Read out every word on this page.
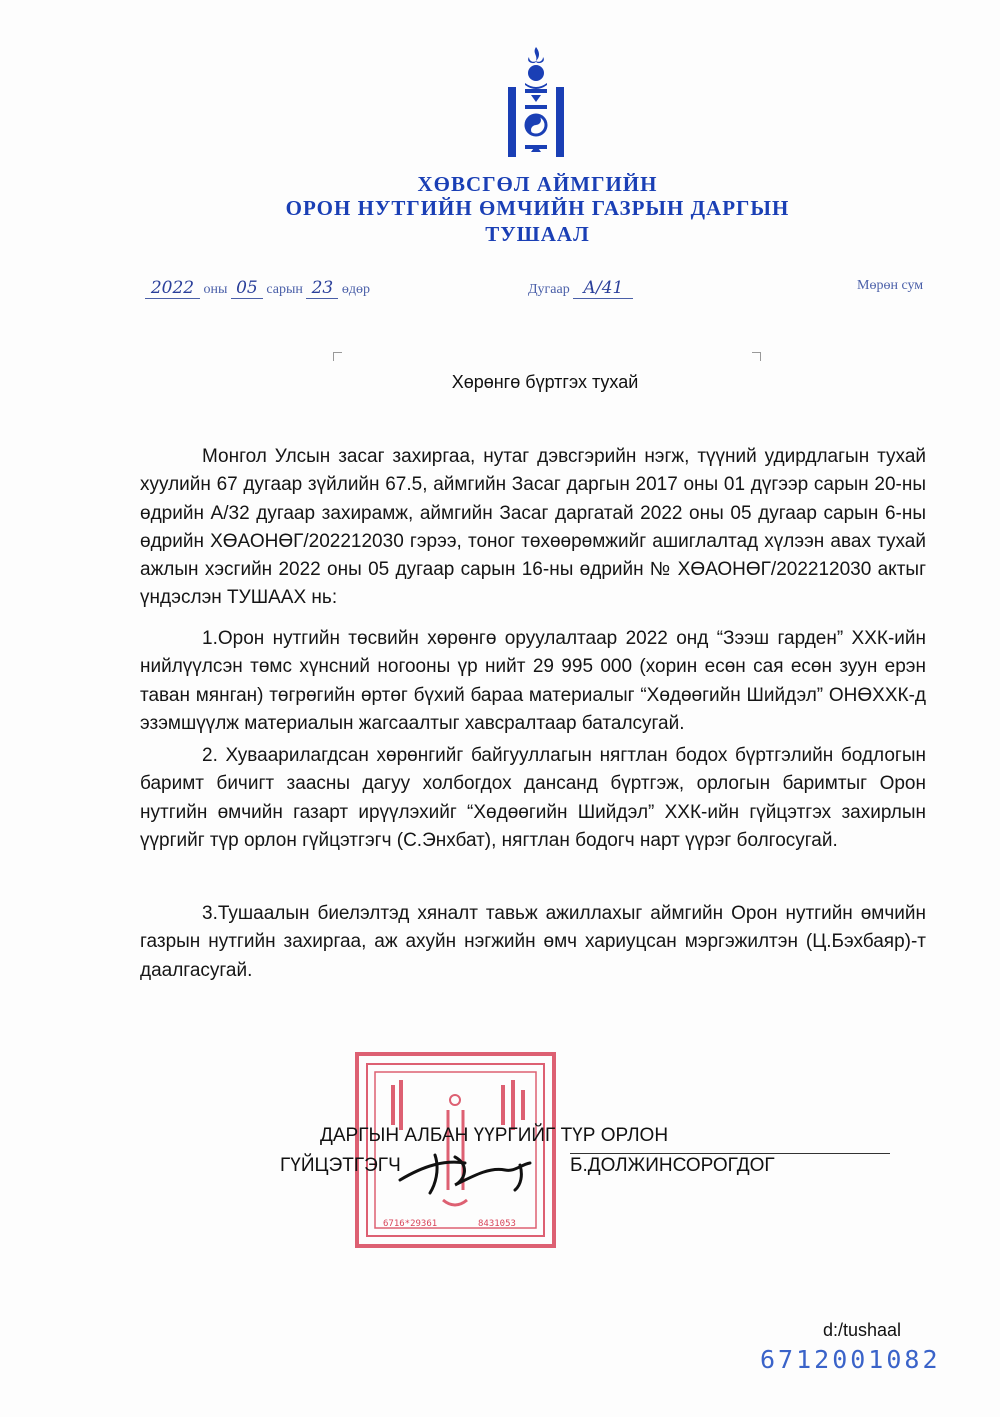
ХӨВСГӨЛ АЙМГИЙН
ОРОН НУТГИЙН ӨМЧИЙН ГАЗРЫН ДАРГЫН
ТУШААЛ
2022 оны 05 сарын 23 өдөр	Дугаар А/41	Мөрөн сум
Хөрөнгө бүртгэх тухай

Монгол Улсын засаг захиргаа, нутаг дэвсгэрийн нэгж, түүний удирдлагын тухай хуулийн 67 дугаар зүйлийн 67.5, аймгийн Засаг даргын 2017 оны 01 дүгээр сарын 20-ны өдрийн А/32 дугаар захирамж, аймгийн Засаг даргатай 2022 оны 05 дугаар сарын 6-ны өдрийн ХӨАОНӨГ/202212030 гэрээ, тоног төхөөрөмжийг ашиглалтад хүлээн авах тухай ажлын хэсгийн 2022 оны 05 дугаар сарын 16-ны өдрийн № ХӨАОНӨГ/202212030 актыг үндэслэн ТУШААХ нь:

1.Орон нутгийн төсвийн хөрөнгө оруулалтаар 2022 онд “Зээш гарден” ХХК-ийн нийлүүлсэн төмс хүнсний ногооны үр нийт 29 995 000 (хорин есөн сая есөн зуун ерэн таван мянган) төгрөгийн өртөг бүхий бараа материалыг “Хөдөөгийн Шийдэл” ОНӨХХК-д эзэмшүүлж материалын жагсаалтыг хавсралтаар баталсугай.

2. Хуваарилагдсан хөрөнгийг байгууллагын нягтлан бодох бүртгэлийн бодлогын баримт бичигт заасны дагуу холбогдох дансанд бүртгэж, орлогын баримтыг Орон нутгийн өмчийн газарт ирүүлэхийг “Хөдөөгийн Шийдэл” ХХК-ийн гүйцэтгэх захирлын үүргийг түр орлон гүйцэтгэгч (С.Энхбат), нягтлан бодогч нарт үүрэг болгосугай.

3.Тушаалын биелэлтэд хяналт тавьж ажиллахыг аймгийн Орон нутгийн өмчийн газрын нутгийн захиргаа, аж ахуйн нэгжийн өмч хариуцсан мэргэжилтэн (Ц.Бэхбаяр)-т даалгасугай.

6716*29361	8431053
ДАРГЫН АЛБАН ҮҮРГИЙГ ТҮР ОРЛОН
ГҮЙЦЭТГЭГЧ	Б.ДОЛЖИНСОРОГДОГ
d:/tushaal
6712001082
